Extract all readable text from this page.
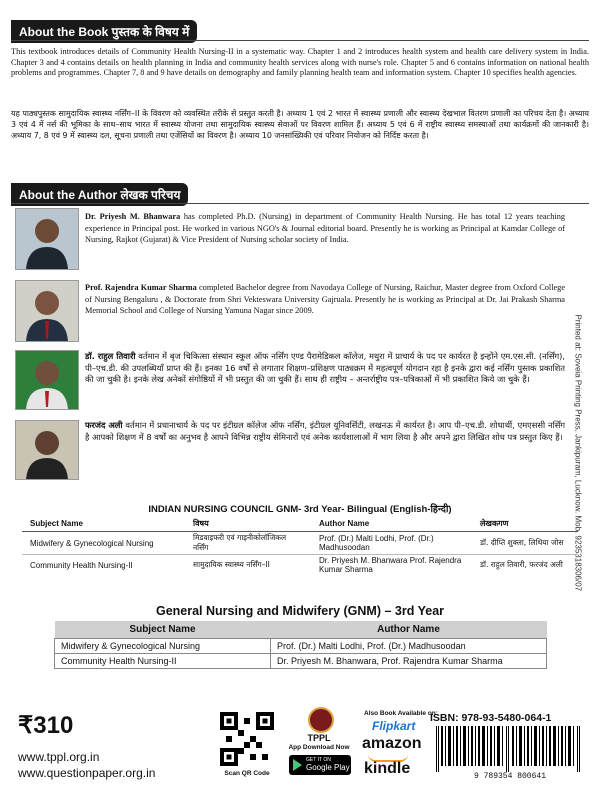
About the Book पुस्तक के विषय में
This textbook introduces details of Community Health Nursing-II in a systematic way. Chapter 1 and 2 introduces health system and health care delivery system in India. Chapter 3 and 4 contains details on health planning in India and community health services along with nurse's role. Chapter 5 and 6 contains information on national health problems and programmes. Chapter 7, 8 and 9 have details on demography and family planning health team and information system. Chapter 10 specifies health agencies.
यह पाठ्यपुस्तक सामुदायिक स्वास्थ्य नर्सिंग–II के विवरण को व्यवस्थित तरीके से प्रस्तुत करती है। अध्याय 1 एवं 2 भारत में स्वास्थ्य प्रणाली और स्वास्थ्य देखभाल वितरण प्रणाली का परिचय देता है। अध्याय 3 एवं 4 में नर्स की भूमिका के साथ–साथ भारत में स्वास्थ्य योजना तथा सामुदायिक स्वास्थ्य सेवाओं पर विवरण शामिल हैं। अध्याय 5 एवं 6 में राष्ट्रीय स्वास्थ्य समस्याओं तथा कार्यक्रमों की जानकारी है। अध्याय 7, 8 एवं 9 में स्वास्थ्य दल, सूचना प्रणाली तथा एजेंसियों का विवरण है। अध्याय 10 जनसांख्यिकी एवं परिवार नियोजन को निर्दिष्ट करता है।
About the Author लेखक परिचय
Dr. Priyesh M. Bhanwara has completed Ph.D. (Nursing) in department of Community Health Nursing. He has total 12 years teaching experience in Principal post. He worked in various NGO's & Journal editorial board. Presently he is working as Principal at Kamdar College of Nursing, Rajkot (Gujarat) & Vice President of Nursing scholar society of India.
Prof. Rajendra Kumar Sharma completed Bachelor degree from Navodaya College of Nursing, Raichur, Master degree from Oxford College of Nursing Bengaluru , & Doctorate from Shri Vekteswara University Gajruala. Presently he is working as Principal at Dr. Jai Prakash Sharma Memorial School and College of Nursing Yamuna Nagar since 2009.
डॉ. राहुल तिवारी वर्तमान में बृज चिकित्सा संस्थान स्कूल ऑफ नर्सिंग एण्ड पैरामेडिकल कॉलेज, मथुरा में प्राचार्य के पद पर कार्यरत है इन्होंने एम.एस.सी. (नर्सिंग), पी–एच.डी. की उपलब्धियाँ प्राप्त की हैं। इनका 16 वर्षों से लगातार शिक्षण–प्रशिक्षण पाठ्यक्रम में महत्वपूर्ण योगदान रहा है इनके द्वारा कई नर्सिंग पुस्तक प्रकाशित की जा चुकी है। इनके लेख अनेकों संगोष्ठियों में भी प्रस्तुत की जा चुकी हैं। साथ ही राष्ट्रीय – अन्तर्राष्ट्रीय पत्र–पत्रिकाओं में भी प्रकाशित किये जा चुके हैं।
फरजंद अली वर्तमान में प्रधानाचार्य के पद पर इंटीग्रल कॉलेज ऑफ नर्सिंग, इंटीग्रल यूनिवर्सिटी, लखनऊ में कार्यरत है। आप पी–एच.डी. शोधार्थी, एमएससी नर्सिंग है आपको शिक्षण में 8 वर्षों का अनुभव है आपने विभिन्न राष्ट्रीय सेमिनारों एवं अनेक कार्यशालाओं में भाग लिया है और अपने द्वारा लिखित शोध पत्र प्रस्तुत किए हैं। Printed at: Soveia Printing Press, Jankipuram, Lucknow. Mob. 9235318306/07
INDIAN NURSING COUNCIL GNM- 3rd Year- Bilingual (English-हिन्दी)
Subject Name	विषय	Author Name	लेखकगण
Midwifery & Gynecological Nursing	मिडवाइफरी एवं गाइनीकोलॉजिकल नर्सिंग	Prof. (Dr.) Malti Lodhi, Prof. (Dr.) Madhusoodan	डॉ. दीप्ति शुक्ला, लिथिया जोस
Community Health Nursing-II	सामुदायिक स्वास्थ्य नर्सिंग–II	Dr. Priyesh M. Bhanwara Prof. Rajendra Kumar Sharma	डॉ. राहुल तिवारी, फरजंद अली
General Nursing and Midwifery (GNM) – 3rd Year
Subject Name	Author Name
Midwifery & Gynecological Nursing	Prof. (Dr.) Malti Lodhi, Prof. (Dr.) Madhusoodan
Community Health Nursing-II	Dr. Priyesh M. Bhanwara, Prof. Rajendra Kumar Sharma
₹310
www.tppl.org.in
www.questionpaper.org.in	Scan QR Code
TPPL
App Download Now
GET IT ON
Google Play
Also Book Available on:
Flipkart
amazon
kindle
ISBN: 978-93-5480-064-1
9 789354 800641
